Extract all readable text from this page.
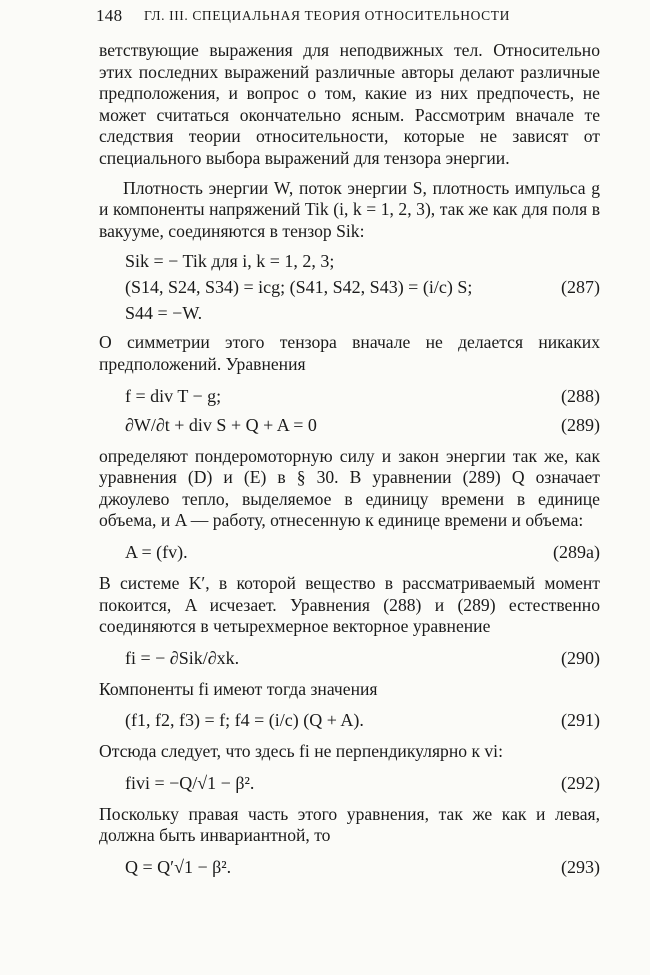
148 ГЛ. III. СПЕЦИАЛЬНАЯ ТЕОРИЯ ОТНОСИТЕЛЬНОСТИ

ветствующие выражения для неподвижных тел. Относительно этих последних выражений различные авторы делают различные предположения, и вопрос о том, какие из них предпочесть, не может считаться окончательно ясным. Рассмотрим вначале те следствия теории относительности, которые не зависят от специального выбора выражений для тензора энергии.

Плотность энергии W, поток энергии S, плотность импульса g и компоненты напряжений Tik (i, k = 1, 2, 3), так же как для поля в вакууме, соединяются в тензор Sik:

Sik = − Tik для i, k = 1, 2, 3;
(S14, S24, S34) = icg; (S41, S42, S43) = (i/c) S;	(287)
S44 = −W.

О симметрии этого тензора вначале не делается никаких предположений. Уравнения

f = div T − g;	(288)
∂W/∂t + div S + Q + A = 0	(289)

определяют пондеромоторную силу и закон энергии так же, как уравнения (D) и (E) в § 30. В уравнении (289) Q означает джоулево тепло, выделяемое в единицу времени в единице объема, и A — работу, отнесенную к единице времени и объема:

A = (fv).	(289a)

В системе K′, в которой вещество в рассматриваемый момент покоится, A исчезает. Уравнения (288) и (289) естественно соединяются в четырехмерное векторное уравнение

fi = − ∂Sik/∂xk.	(290)

Компоненты fi имеют тогда значения

(f1, f2, f3) = f; f4 = (i/c) (Q + A).	(291)

Отсюда следует, что здесь fi не перпендикулярно к vi:

fivi = −Q/√1 − β².	(292)

Поскольку правая часть этого уравнения, так же как и левая, должна быть инвариантной, то

Q = Q′√1 − β².	(293)
